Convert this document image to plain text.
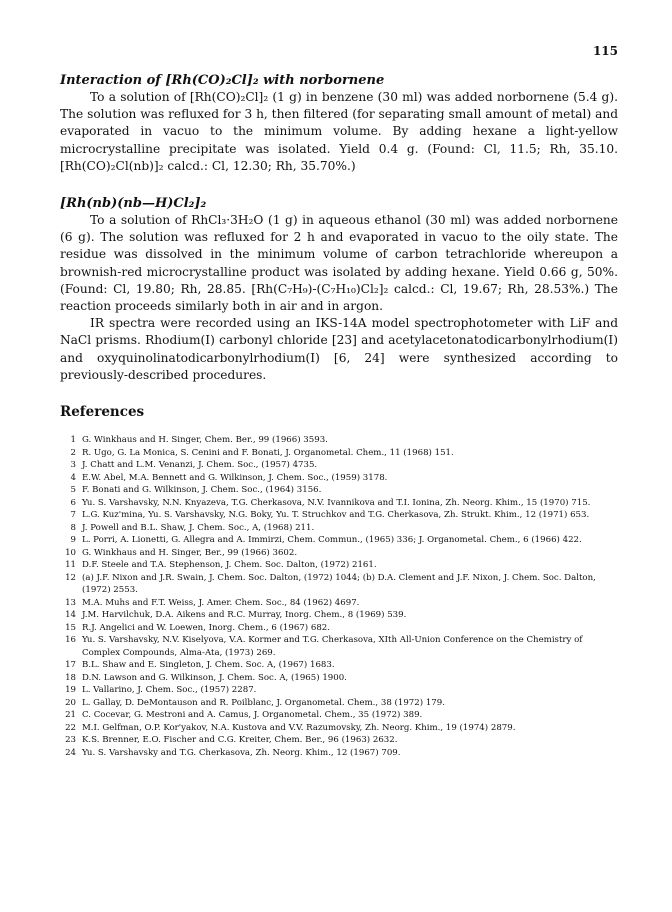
115
Interaction of [Rh(CO)₂Cl]₂ with norbornene

To a solution of [Rh(CO)₂Cl]₂ (1 g) in benzene (30 ml) was added norbornene (5.4 g). The solution was refluxed for 3 h, then filtered (for separating small amount of metal) and evaporated in vacuo to the minimum volume. By adding hexane a light-yellow microcrystalline precipitate was isolated. Yield 0.4 g. (Found: Cl, 11.5; Rh, 35.10. [Rh(CO)₂Cl(nb)]₂ calcd.: Cl, 12.30; Rh, 35.70%.)

[Rh(nb)(nb—H)Cl₂]₂

To a solution of RhCl₃·3H₂O (1 g) in aqueous ethanol (30 ml) was added norbornene (6 g). The solution was refluxed for 2 h and evaporated in vacuo to the oily state. The residue was dissolved in the minimum volume of carbon tetrachloride whereupon a brownish-red microcrystalline product was isolated by adding hexane. Yield 0.66 g, 50%. (Found: Cl, 19.80; Rh, 28.85. [Rh(C₇H₉)-(C₇H₁₀)Cl₂]₂ calcd.: Cl, 19.67; Rh, 28.53%.) The reaction proceeds similarly both in air and in argon.

IR spectra were recorded using an IKS-14A model spectrophotometer with LiF and NaCl prisms. Rhodium(I) carbonyl chloride [23] and acetylacetonatodicarbonylrhodium(I) and oxyquinolinatodicarbonylrhodium(I) [6, 24] were synthesized according to previously-described procedures.

References
1 G. Winkhaus and H. Singer, Chem. Ber., 99 (1966) 3593.
2 R. Ugo, G. La Monica, S. Cenini and F. Bonati, J. Organometal. Chem., 11 (1968) 151.
3 J. Chatt and L.M. Venanzi, J. Chem. Soc., (1957) 4735.
4 E.W. Abel, M.A. Bennett and G. Wilkinson, J. Chem. Soc., (1959) 3178.
5 F. Bonati and G. Wilkinson, J. Chem. Soc., (1964) 3156.
6 Yu. S. Varshavsky, N.N. Knyazeva, T.G. Cherkasova, N.V. Ivannikova and T.I. Ionina, Zh. Neorg. Khim., 15 (1970) 715.
7 L.G. Kuz'mina, Yu. S. Varshavsky, N.G. Boky, Yu. T. Struchkov and T.G. Cherkasova, Zh. Strukt. Khim., 12 (1971) 653.
8 J. Powell and B.L. Shaw, J. Chem. Soc., A, (1968) 211.
9 L. Porri, A. Lionetti, G. Allegra and A. Immirzi, Chem. Commun., (1965) 336; J. Organometal. Chem., 6 (1966) 422.
10 G. Winkhaus and H. Singer, Ber., 99 (1966) 3602.
11 D.F. Steele and T.A. Stephenson, J. Chem. Soc. Dalton, (1972) 2161.
12 (a) J.F. Nixon and J.R. Swain, J. Chem. Soc. Dalton, (1972) 1044; (b) D.A. Clement and J.F. Nixon, J. Chem. Soc. Dalton, (1972) 2553.
13 M.A. Muhs and F.T. Weiss, J. Amer. Chem. Soc., 84 (1962) 4697.
14 J.M. Harvilchuk, D.A. Aikens and R.C. Murray, Inorg. Chem., 8 (1969) 539.
15 R.J. Angelici and W. Loewen, Inorg. Chem., 6 (1967) 682.
16 Yu. S. Varshavsky, N.V. Kiselyova, V.A. Kormer and T.G. Cherkasova, XIth All-Union Conference on the Chemistry of Complex Compounds, Alma-Ata, (1973) 269.
17 B.L. Shaw and E. Singleton, J. Chem. Soc. A, (1967) 1683.
18 D.N. Lawson and G. Wilkinson, J. Chem. Soc. A, (1965) 1900.
19 L. Vallarino, J. Chem. Soc., (1957) 2287.
20 L. Gallay, D. DeMontauson and R. Poilblanc, J. Organometal. Chem., 38 (1972) 179.
21 C. Cocevar, G. Mestroni and A. Camus, J. Organometal. Chem., 35 (1972) 389.
22 M.I. Gelfman, O.P. Kor'yakov, N.A. Kustova and V.V. Razumovsky, Zh. Neorg. Khim., 19 (1974) 2879.
23 K.S. Brenner, E.O. Fischer and C.G. Kreiter, Chem. Ber., 96 (1963) 2632.
24 Yu. S. Varshavsky and T.G. Cherkasova, Zh. Neorg. Khim., 12 (1967) 709.
